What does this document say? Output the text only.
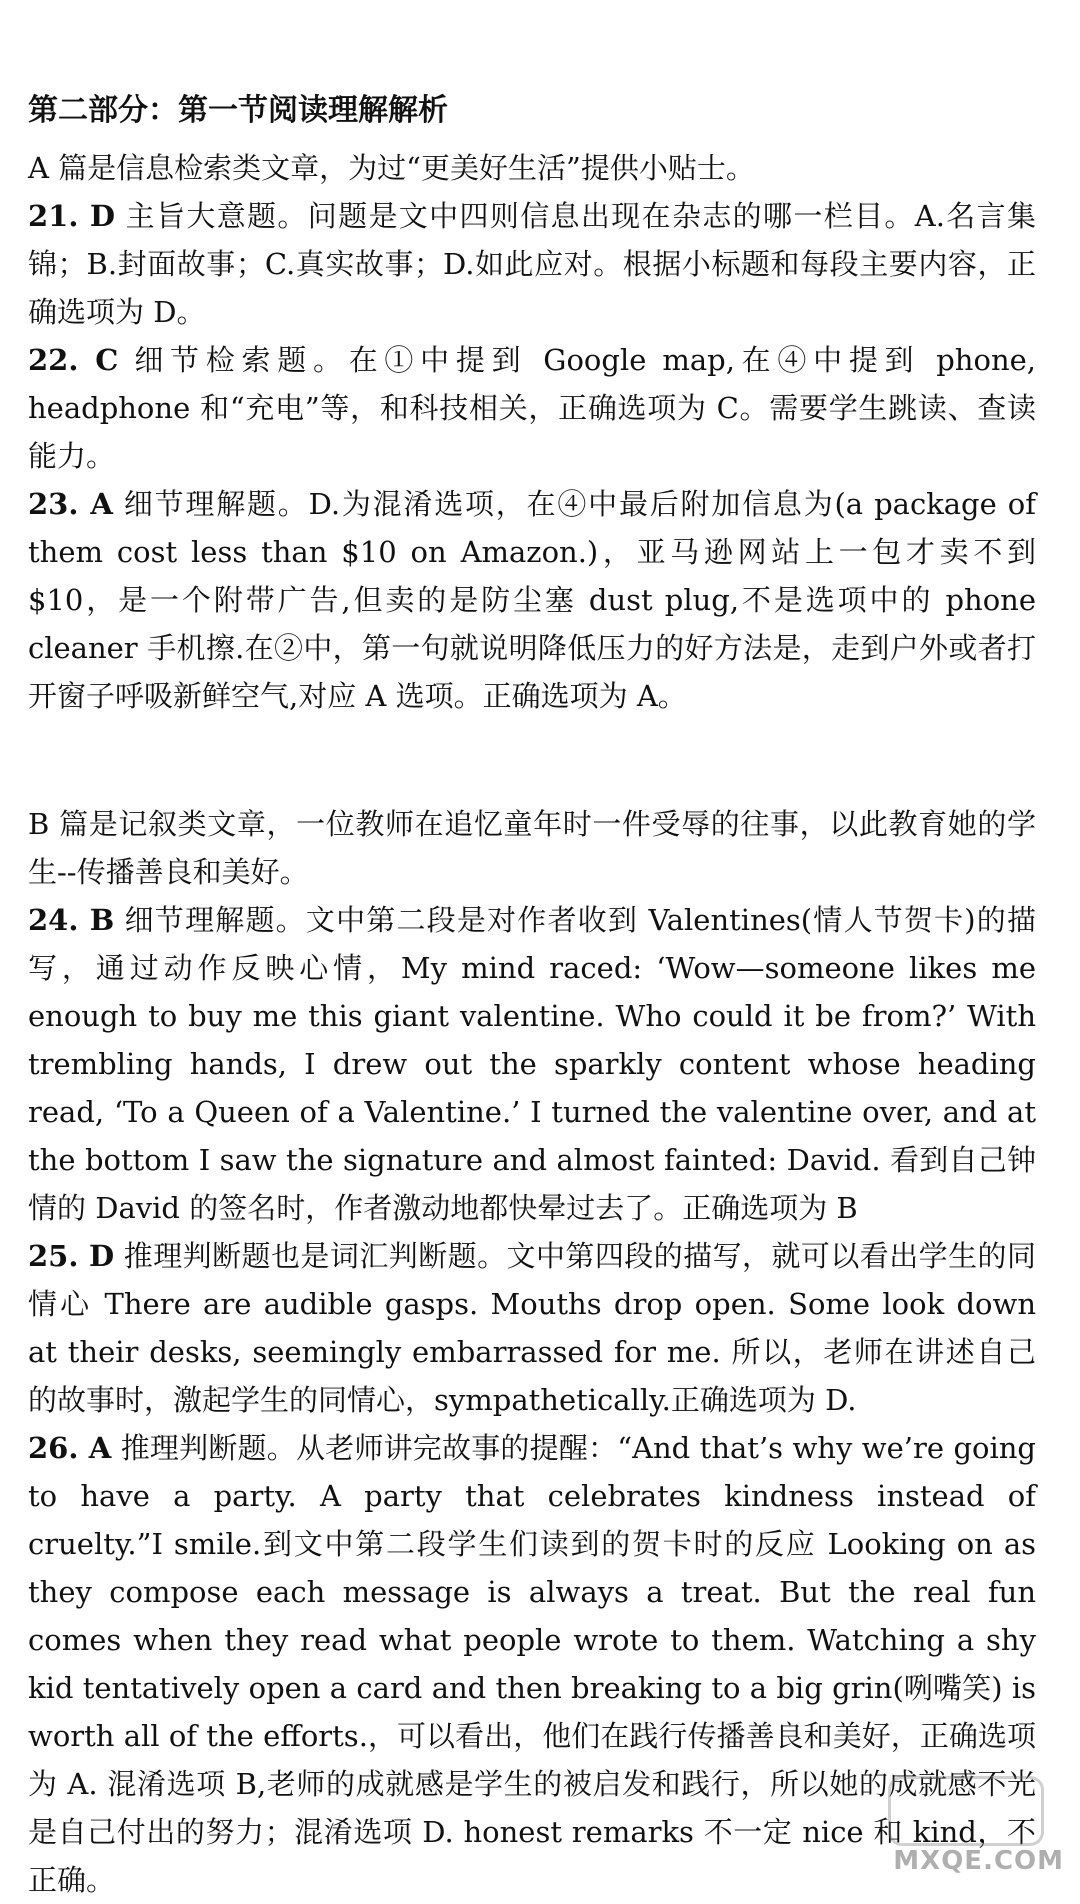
第二部分：第一节阅读理解解析

A 篇是信息检索类文章，为过“更美好生活”提供小贴士。

21. D 主旨大意题。问题是文中四则信息出现在杂志的哪一栏目。A.名言集锦；B.封面故事；C.真实故事；D.如此应对。根据小标题和每段主要内容，正确选项为 D。

22. C 细节检索题。在①中提到 Google map,在④中提到 phone, headphone 和“充电”等，和科技相关，正确选项为 C。需要学生跳读、查读能力。

23. A 细节理解题。D.为混淆选项，在④中最后附加信息为(a package of them cost less than $10 on Amazon.)，亚马逊网站上一包才卖不到 $10，是一个附带广告,但卖的是防尘塞 dust plug,不是选项中的 phone cleaner 手机擦.在②中，第一句就说明降低压力的好方法是，走到户外或者打开窗子呼吸新鲜空气,对应 A 选项。正确选项为 A。

B 篇是记叙类文章，一位教师在追忆童年时一件受辱的往事，以此教育她的学生--传播善良和美好。

24. B 细节理解题。文中第二段是对作者收到 Valentines(情人节贺卡)的描写，通过动作反映心情，My mind raced: ‘Wow—someone likes me enough to buy me this giant valentine. Who could it be from?’ With trembling hands, I drew out the sparkly content whose heading read, ‘To a Queen of a Valentine.’ I turned the valentine over, and at the bottom I saw the signature and almost fainted: David. 看到自己钟情的 David 的签名时，作者激动地都快晕过去了。正确选项为 B

25. D 推理判断题也是词汇判断题。文中第四段的描写，就可以看出学生的同情心 There are audible gasps. Mouths drop open. Some look down at their desks, seemingly embarrassed for me. 所以，老师在讲述自己的故事时，激起学生的同情心，sympathetically.正确选项为 D.

26. A 推理判断题。从老师讲完故事的提醒：“And that’s why we’re going to have a party. A party that celebrates kindness instead of cruelty.”I smile.到文中第二段学生们读到的贺卡时的反应 Looking on as they compose each message is always a treat. But the real fun comes when they read what people wrote to them. Watching a shy kid tentatively open a card and then breaking to a big grin(咧嘴笑) is worth all of the efforts.，可以看出，他们在践行传播善良和美好，正确选项为 A. 混淆选项 B,老师的成就感是学生的被启发和践行，所以她的成就感不光是自己付出的努力；混淆选项 D. honest remarks 不一定 nice 和 kind，不正确。

MXQE.COM
